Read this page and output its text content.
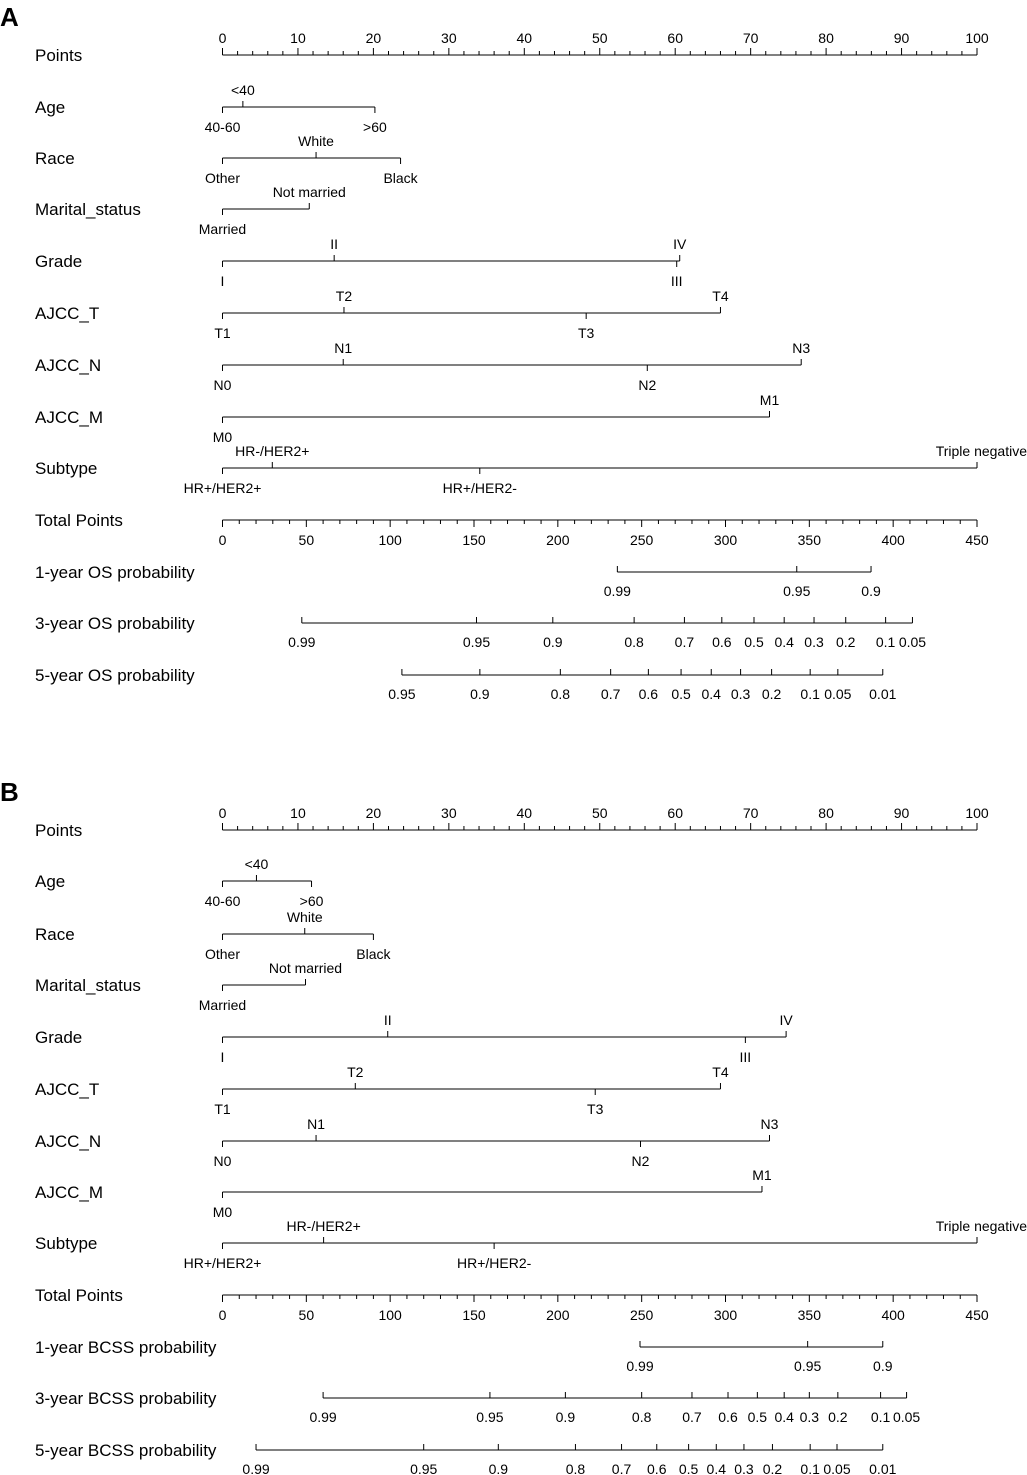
A
Points
0	10	20	30	40	50	60	70	80	90	100
Age
40-60
<40
>60
Race
Other
White
Black
Marital_status
Married
Not married
Grade
I
II
III
IV
AJCC_T
T1
T2
T3
T4
AJCC_N
N0
N1
N2
N3
AJCC_M
M0
M1
Subtype
HR+/HER2+
HR-/HER2+
HR+/HER2-
Triple negative
Total Points
0	50	100	150	200	250	300	350	400	450
1-year OS probability
0.99	0.95	0.9
3-year OS probability
0.99	0.95	0.9	0.8 0.7 0.6 0.5 0.4 0.3 0.2 0.1 0.05
5-year OS probability
0.95	0.9	0.8 0.7 0.6 0.5 0.4 0.3 0.2 0.1 0.05 0.01
B
Points
0	10	20	30	40	50	60	70	80	90	100
Age
40-60
<40
>60
Race
Other
White
Black
Marital_status
Married
Not married
Grade
I
II
III
IV
AJCC_T
T1
T2
T3
T4
AJCC_N
N0
N1
N2
N3
AJCC_M
M0
M1
Subtype
HR+/HER2+
HR-/HER2+
HR+/HER2-
Triple negative
Total Points
0	50	100	150	200	250	300	350	400	450
1-year BCSS probability
0.99	0.95	0.9
3-year BCSS probability
0.99	0.95	0.9	0.8 0.7 0.6 0.5 0.4 0.3 0.2 0.1 0.05
5-year BCSS probability
0.99	0.95	0.9	0.8 0.7 0.6 0.5 0.4 0.3 0.2 0.1 0.05 0.01
